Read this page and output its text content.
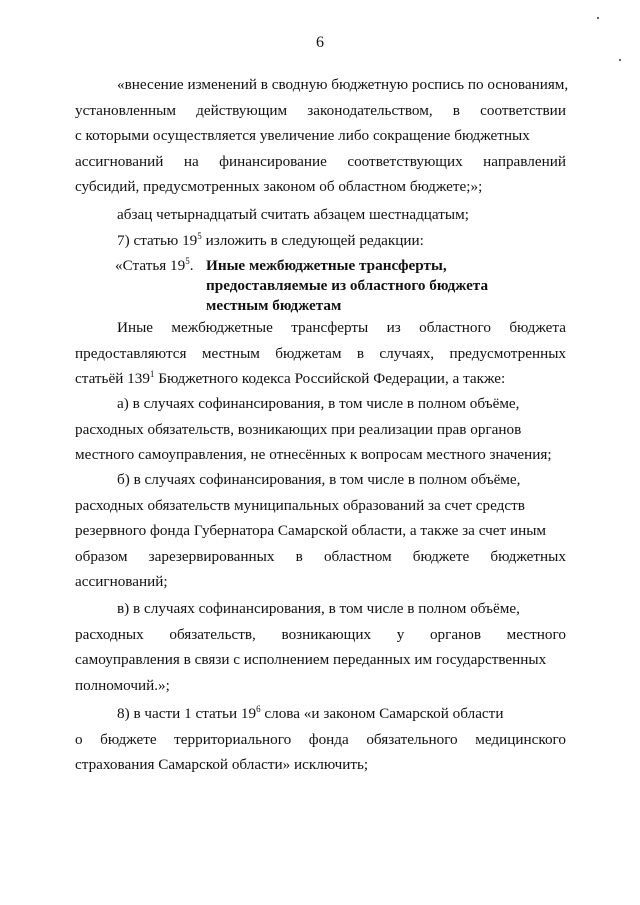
6
«внесение изменений в сводную бюджетную роспись по основаниям,
установленным действующим законодательством, в соответствии
с которыми осуществляется увеличение либо сокращение бюджетных
ассигнований на финансирование соответствующих направлений
субсидий, предусмотренных законом об областном бюджете;»;
абзац четырнадцатый считать абзацем шестнадцатым;
7) статью $19^5$ изложить в следующей редакции:
«Статья $19^5$. Иные межбюджетные трансферты,
предоставляемые из областного бюджета
местным бюджетам
Иные межбюджетные трансферты из областного бюджета
предоставляются местным бюджетам в случаях, предусмотренных
статьёй $139^1$ Бюджетного кодекса Российской Федерации, а также:
а) в случаях софинансирования, в том числе в полном объёме,
расходных обязательств, возникающих при реализации прав органов
местного самоуправления, не отнесённых к вопросам местного значения;
б) в случаях софинансирования, в том числе в полном объёме,
расходных обязательств муниципальных образований за счет средств
резервного фонда Губернатора Самарской области, а также за счет иным
образом зарезервированных в областном бюджете бюджетных
ассигнований;
в) в случаях софинансирования, в том числе в полном объёме,
расходных обязательств, возникающих у органов местного
самоуправления в связи с исполнением переданных им государственных
полномочий.»;
8) в части 1 статьи $19^6$ слова «и законом Самарской области
о бюджете территориального фонда обязательного медицинского
страхования Самарской области» исключить;
